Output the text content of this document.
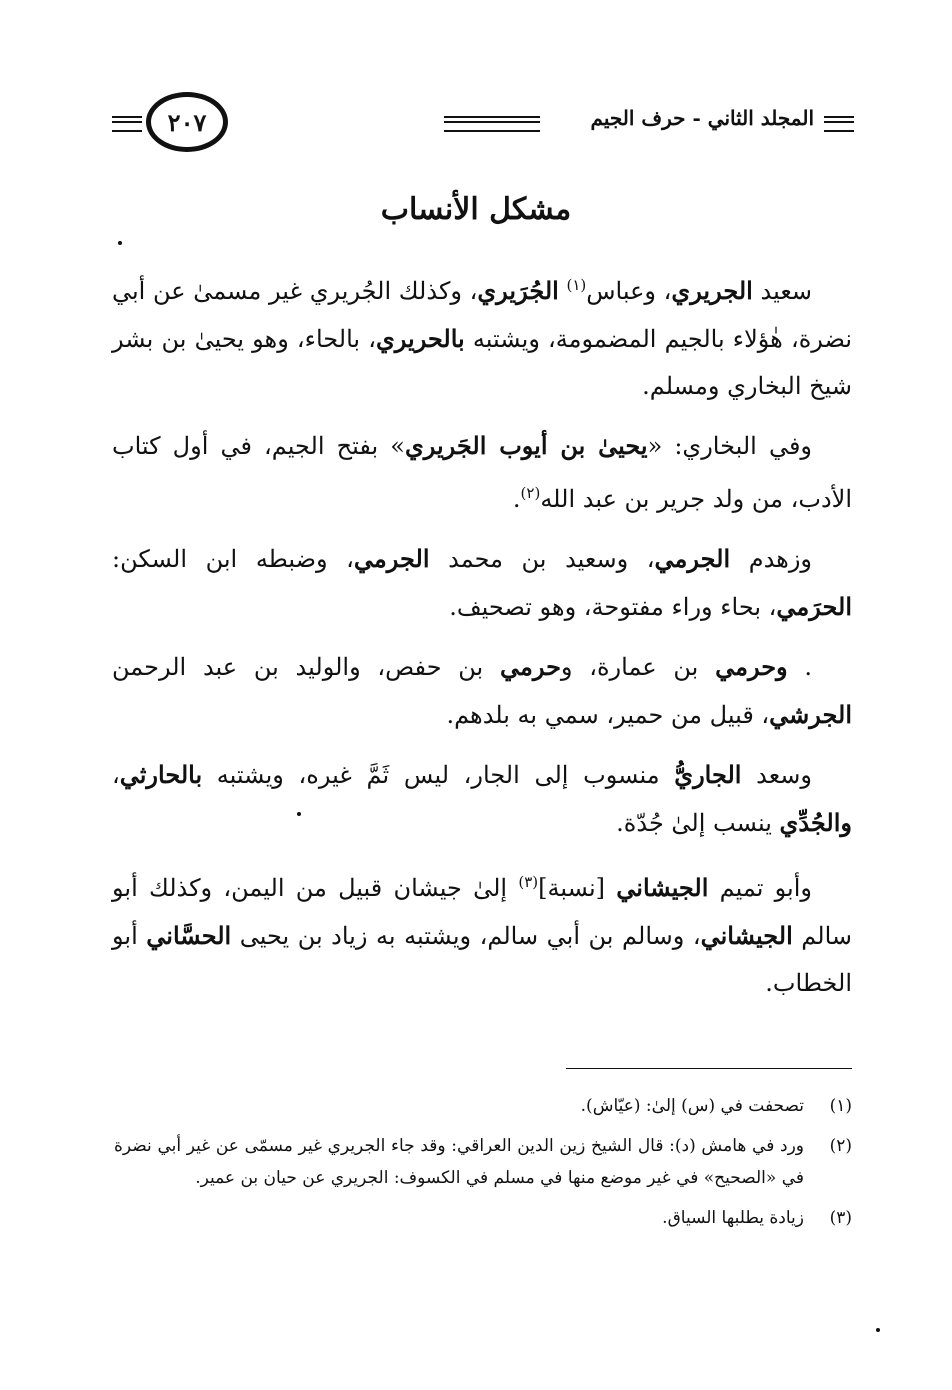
المجلد الثاني - حرف الجيم
٢٠٧
مشكل الأنساب

سعيد الجريري، وعباس$^{(١)}$ الجُرَيري، وكذلك الجُريري غير مسمىٰ عن أبي نضرة، هٰؤلاء بالجيم المضمومة، ويشتبه بالحريري، بالحاء، وهو يحيىٰ بن بشر شيخ البخاري ومسلم.

وفي البخاري: «يحيىٰ بن أيوب الجَريري» بفتح الجيم، في أول كتاب الأدب، من ولد جرير بن عبد الله$^{(٢)}$.

وزهدم الجرمي، وسعيد بن محمد الجرمي، وضبطه ابن السكن: الحرَمي، بحاء وراء مفتوحة، وهو تصحيف.

. وحرمي بن عمارة، وحرمي بن حفص، والوليد بن عبد الرحمن الجرشي، قبيل من حمير، سمي به بلدهم.

وسعد الجاريُّ منسوب إلى الجار، ليس ثَمَّ غيره، ويشتبه بالحارثي، والجُدِّي ينسب إلىٰ جُدّة.

وأبو تميم الجيشاني [نسبة]$^{(٣)}$ إلىٰ جيشان قبيل من اليمن، وكذلك أبو سالم الجيشاني، وسالم بن أبي سالم، ويشتبه به زياد بن يحيى الحسَّاني أبو الخطاب.

(١)
تصحفت في (س) إلىٰ: (عيّاش).
(٢)
ورد في هامش (د): قال الشيخ زين الدين العراقي: وقد جاء الجريري غير مسمّى عن غير أبي نضرة في «الصحيح» في غير موضع منها في مسلم في الكسوف: الجريري عن حيان بن عمير.
(٣)
زيادة يطلبها السياق.
